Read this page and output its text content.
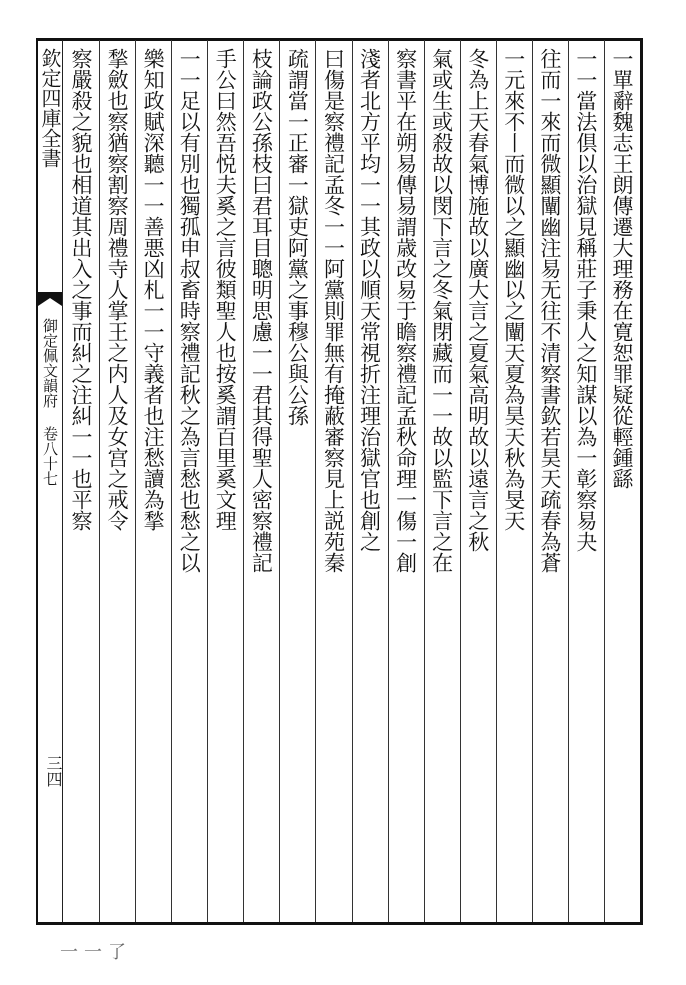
欽定四庫全書
御定佩文韻府 卷八十七
三四
一一了
一單辭魏志王朗傳遷大理務在寛恕罪疑從輕鍾繇
一一當法倶以治獄見稱莊子秉人之知謀以為一彰察易夬
往而一來而微顯闡幽注易无往不清察書欽若昊天疏春為蒼
一元來不丨而微以之顯幽以之闡天夏為昊天秋為旻天
冬為上天春氣博施故以廣大言之夏氣高明故以遠言之秋
氣或生或殺故以閔下言之冬氣閉藏而一一故以監下言之在
察書平在朔易傳易謂歳改易于瞻察禮記孟秋命理一傷一創
淺者北方平均一一其政以順天常視折注理治獄官也創之
曰傷是察禮記孟冬一一阿黨則罪無有掩蔽審察見上説苑秦
疏謂當一正審一獄吏阿黨之事穆公與公孫
枝論政公孫枝曰君耳目聰明思慮一一君其得聖人密察禮記
手公曰然吾悦夫奚之言彼類聖人也按奚謂百里奚文理
一一足以有別也獨孤申叔畜時察禮記秋之為言愁也愁之以
樂知政賦深聽一一善悪凶札一一守義者也注愁讀為揫
揫斂也察猶察割察周禮寺人掌王之内人及女宫之戒令
察嚴殺之貌也相道其出入之事而糾之注糾一一也平察
